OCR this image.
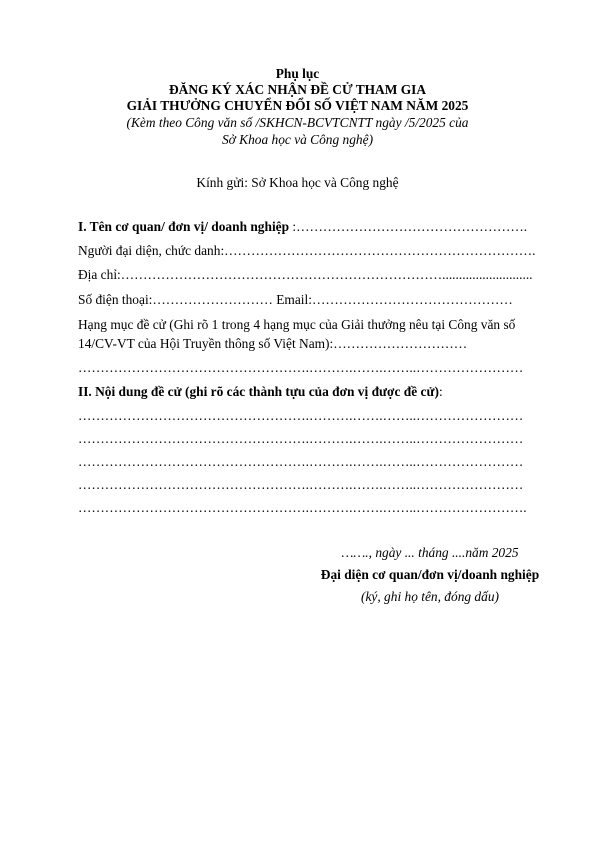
Phụ lục
ĐĂNG KÝ XÁC NHẬN ĐỀ CỬ THAM GIA
GIẢI THƯỞNG CHUYỂN ĐỔI SỐ VIỆT NAM NĂM 2025
(Kèm theo Công văn số /SKHCN-BCVTCNTT ngày /5/2025 của
Sở Khoa học và Công nghệ)
Kính gửi: Sở Khoa học và Công nghệ
I. Tên cơ quan/ đơn vị/ doanh nghiệp :…………………………………………….
Người đại diện, chức danh:…………………………………………………………….
Địa chỉ:………………………………………………………………...........................
Số điện thoại:……………………… Email:………………………………………
Hạng mục đề cử (Ghi rõ 1 trong 4 hạng mục của Giải thưởng nêu tại Công văn số
14/CV-VT của Hội Truyền thông số Việt Nam):…………………………
…………………………………………….……….…….……..……………………
II. Nội dung đề cử (ghi rõ các thành tựu của đơn vị được đề cử):
…………………………………………….……….…….……..……………………
…………………………………………….……….…….……..……………………
…………………………………………….……….…….……..……………………
…………………………………………….……….…….……..……………………
…………………………………………….……….…….……..…………………….
……., ngày ... tháng ....năm 2025
Đại diện cơ quan/đơn vị/doanh nghiệp
(ký, ghi họ tên, đóng dấu)
